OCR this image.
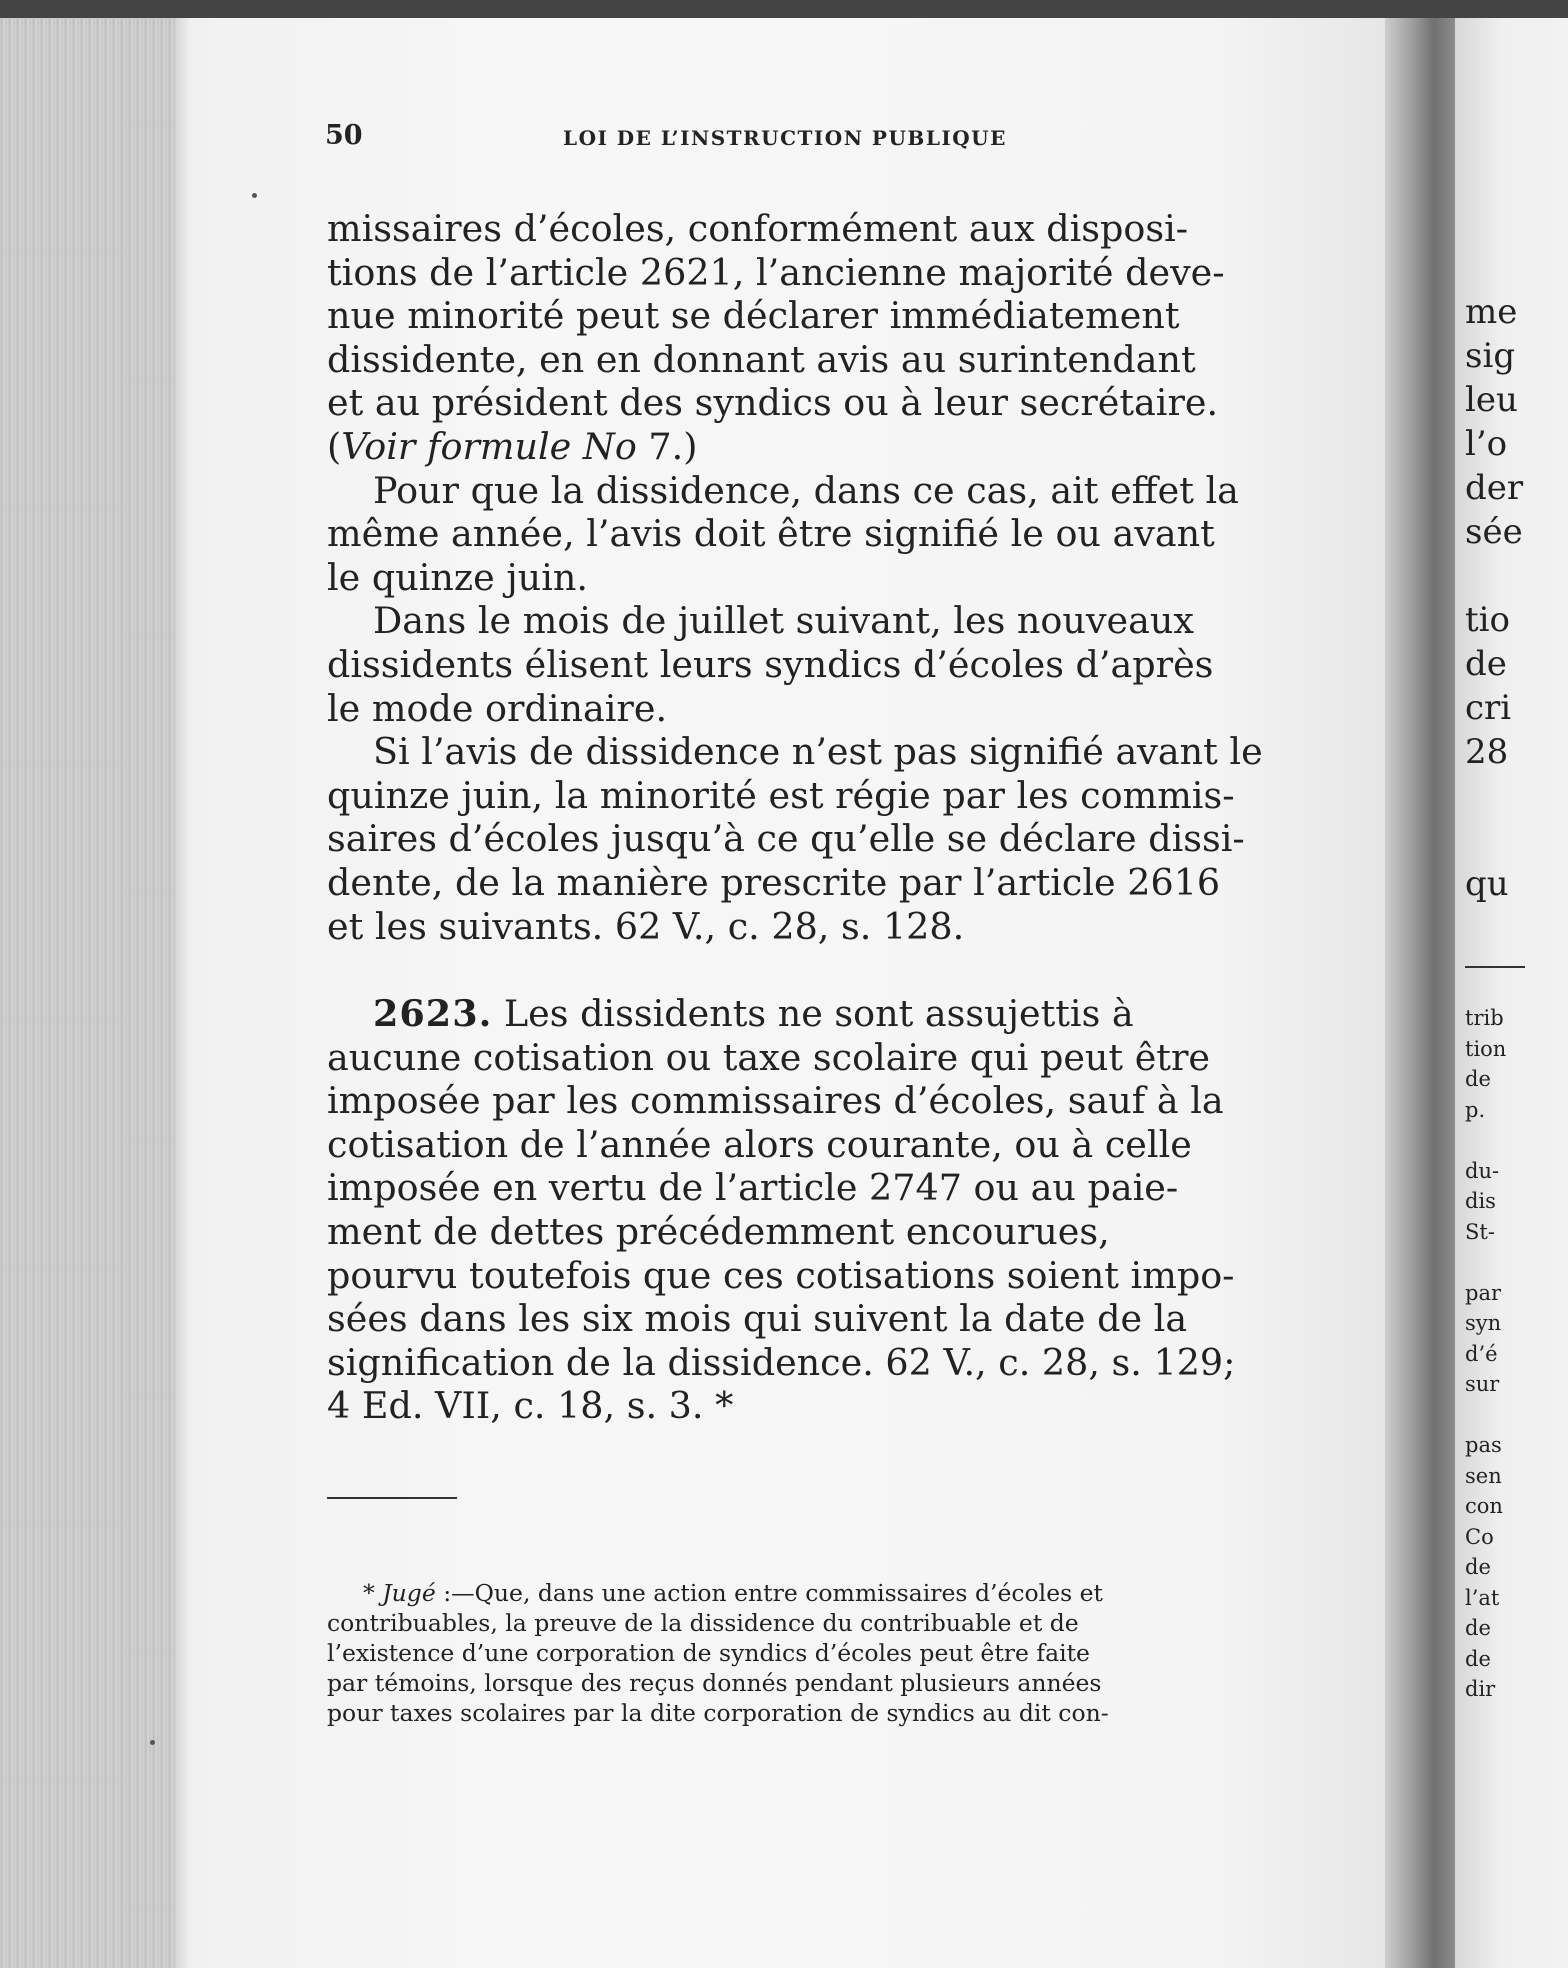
me
sig
leu
l’o
der
sée
tio
de
cri
28
qu
trib
tion
de
p.
du-
dis
St-
par
syn
d’é
sur
pas
sen
con
Co
de
l’at
de
de
dir
50	LOI DE L’INSTRUCTION PUBLIQUE
missaires d’écoles, conformément aux disposi-
tions de l’article 2621, l’ancienne majorité deve-
nue minorité peut se déclarer immédiatement
dissidente, en en donnant avis au surintendant
et au président des syndics ou à leur secrétaire.
(Voir formule No 7.)
Pour que la dissidence, dans ce cas, ait effet la
même année, l’avis doit être signifié le ou avant
le quinze juin.
Dans le mois de juillet suivant, les nouveaux
dissidents élisent leurs syndics d’écoles d’après
le mode ordinaire.
Si l’avis de dissidence n’est pas signifié avant le
quinze juin, la minorité est régie par les commis-
saires d’écoles jusqu’à ce qu’elle se déclare dissi-
dente, de la manière prescrite par l’article 2616
et les suivants. 62 V., c. 28, s. 128.
2623. Les dissidents ne sont assujettis à
aucune cotisation ou taxe scolaire qui peut être
imposée par les commissaires d’écoles, sauf à la
cotisation de l’année alors courante, ou à celle
imposée en vertu de l’article 2747 ou au paie-
ment de dettes précédemment encourues,
pourvu toutefois que ces cotisations soient impo-
sées dans les six mois qui suivent la date de la
signification de la dissidence. 62 V., c. 28, s. 129;
4 Ed. VII, c. 18, s. 3. *
* Jugé :—Que, dans une action entre commissaires d’écoles et
contribuables, la preuve de la dissidence du contribuable et de
l’existence d’une corporation de syndics d’écoles peut être faite
par témoins, lorsque des reçus donnés pendant plusieurs années
pour taxes scolaires par la dite corporation de syndics au dit con-
